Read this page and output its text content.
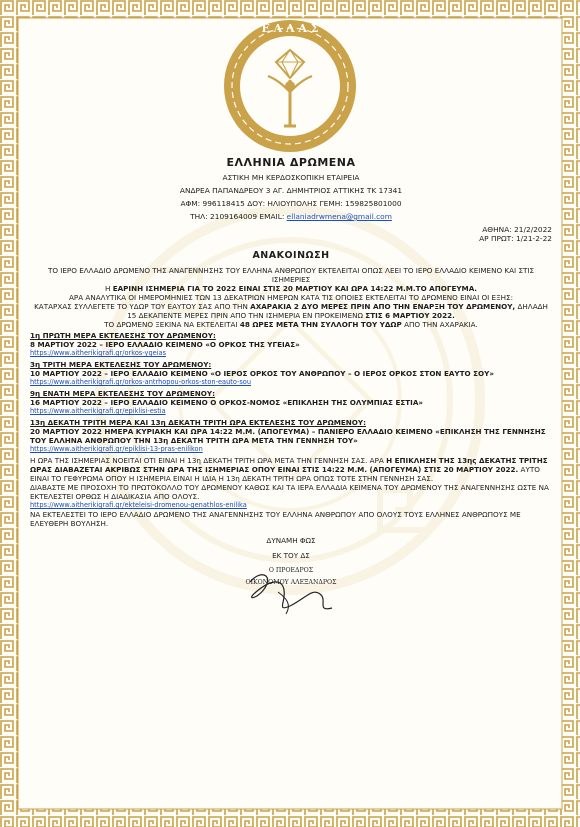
Ε Λ Λ Α Σ
ΕΛΛΗΝΙΑ ΔΡΩΜΕΝΑ
ΑΣΤΙΚΗ ΜΗ ΚΕΡΔΟΣΚΟΠΙΚΗ ΕΤΑΙΡΕΙΑ
ΑΝΔΡΕΑ ΠΑΠΑΝΔΡΕΟΥ 3 ΑΓ. ΔΗΜΗΤΡΙΟΣ ΑΤΤΙΚΗΣ ΤΚ 17341
ΑΦΜ: 996118415 ΔΟΥ: ΗΛΙΟΥΠΟΛΗΣ ΓΕΜΗ: 159825801000
ΤΗΛ: 2109164009 EMAIL: ellaniadrwmena@gmail.com
ΑΘΗΝΑ: 21/2/2022
ΑΡ ΠΡΩΤ: 1/21-2-22
ΑΝΑΚΟΙΝΩΣΗ

ΤΟ ΙΕΡΟ ΕΛΛΑΔΙΟ ΔΡΩΜΕΝΟ ΤΗΣ ΑΝΑΓΕΝΝΗΣΗΣ ΤΟΥ ΕΛΛΗΝΑ ΑΝΘΡΩΠΟΥ ΕΚΤΕΛΕΙΤΑΙ ΟΠΩΣ ΛΕΕΙ ΤΟ ΙΕΡΟ ΕΛΛΑΔΙΟ ΚΕΙΜΕΝΟ ΚΑΙ ΣΤΙΣ ΙΣΗΜΕΡΙΕΣ

Η ΕΑΡΙΝΗ ΙΣΗΜΕΡΙΑ ΓΙΑ ΤΟ 2022 ΕΙΝΑΙ ΣΤΙΣ 20 ΜΑΡΤΙΟΥ ΚΑΙ ΩΡΑ 14:22 Μ.Μ.ΤΟ ΑΠΟΓΕΥΜΑ.

ΑΡΑ ΑΝΑΛΥΤΙΚΑ ΟΙ ΗΜΕΡΟΜΗΝΙΕΣ ΤΩΝ 13 ΔΕΚΑΤΡΙΩΝ ΗΜΕΡΩΝ ΚΑΤΑ ΤΙΣ ΟΠΟΙΕΣ ΕΚΤΕΛΕΙΤΑΙ ΤΟ ΔΡΩΜΕΝΟ ΕΙΝΑΙ ΟΙ ΕΞΗΣ:

ΚΑΤΑΡΧΑΣ ΣΥΛΛΕΓΕΤΕ ΤΟ ΥΔΩΡ ΤΟΥ ΕΑΥΤΟΥ ΣΑΣ ΑΠΟ ΤΗΝ ΑΧΑΡΑΚΙΑ 2 ΔΥΟ ΜΕΡΕΣ ΠΡΙΝ ΑΠΟ ΤΗΝ ΕΝΑΡΞΗ ΤΟΥ ΔΡΩΜΕΝΟΥ, ΔΗΛΑΔΗ 15 ΔΕΚΑΠΕΝΤΕ ΜΕΡΕΣ ΠΡΙΝ ΑΠΟ ΤΗΝ ΙΣΗΜΕΡΙΑ ΕΝ ΠΡΟΚΕΙΜΕΝΩ ΣΤΙΣ 6 ΜΑΡΤΙΟΥ 2022.

ΤΟ ΔΡΩΜΕΝΟ ΞΕΚΙΝΑ ΝΑ ΕΚΤΕΛΕΙΤΑΙ 48 ΩΡΕΣ ΜΕΤΑ ΤΗΝ ΣΥΛΛΟΓΗ ΤΟΥ ΥΔΩΡ ΑΠΟ ΤΗΝ ΑΧΑΡΑΚΙΑ.

1η ΠΡΩΤΗ ΜΕΡΑ ΕΚΤΕΛΕΣΗΣ ΤΟΥ ΔΡΩΜΕΝΟΥ:
8 ΜΑΡΤΙΟΥ 2022 – ΙΕΡΟ ΕΛΛΑΔΙΟ ΚΕΙΜΕΝΟ «Ο ΟΡΚΟΣ ΤΗΣ ΥΓΕΙΑΣ»
https://www.aitherikigrafi.gr/orkos-ygeias
3η ΤΡΙΤΗ ΜΕΡΑ ΕΚΤΕΛΕΣΗΣ ΤΟΥ ΔΡΩΜΕΝΟΥ:
10 ΜΑΡΤΙΟΥ 2022 – ΙΕΡΟ ΕΛΛΑΔΙΟ ΚΕΙΜΕΝΟ «Ο ΙΕΡΟΣ ΟΡΚΟΣ ΤΟΥ ΑΝΘΡΩΠΟΥ – Ο ΙΕΡΟΣ ΟΡΚΟΣ ΣΤΟΝ ΕΑΥΤΟ ΣΟΥ»
https://www.aitherikigrafi.gr/orkos-antrhopou-orkos-ston-eauto-sou
9η ΕΝΑΤΗ ΜΕΡΑ ΕΚΤΕΛΕΣΗΣ ΤΟΥ ΔΡΩΜΕΝΟΥ:
16 ΜΑΡΤΙΟΥ 2022 – ΙΕΡΟ ΕΛΛΑΔΙΟ ΚΕΙΜΕΝΟ Ο ΟΡΚΟΣ-ΝΟΜΟΣ «ΕΠΙΚΛΗΣΗ ΤΗΣ ΟΛΥΜΠΙΑΣ ΕΣΤΙΑ»
https://www.aitherikigrafi.gr/epiklisi-estia
13η ΔΕΚΑΤΗ ΤΡΙΤΗ ΜΕΡΑ ΚΑΙ 13η ΔΕΚΑΤΗ ΤΡΙΤΗ ΩΡΑ ΕΚΤΕΛΕΣΗΣ ΤΟΥ ΔΡΩΜΕΝΟΥ:
20 ΜΑΡΤΙΟΥ 2022 ΗΜΕΡΑ ΚΥΡΙΑΚΗ ΚΑΙ ΩΡΑ 14:22 Μ.Μ. (ΑΠΟΓΕΥΜΑ) – ΠΑΝΙΕΡΟ ΕΛΛΑΔΙΟ ΚΕΙΜΕΝΟ «ΕΠΙΚΛΗΣΗ ΤΗΣ ΓΕΝΝΗΣΗΣ ΤΟΥ ΕΛΛΗΝΑ ΑΝΘΡΩΠΟΥ ΤΗΝ 13η ΔΕΚΑΤΗ ΤΡΙΤΗ ΩΡΑ ΜΕΤΑ ΤΗΝ ΓΕΝΝΗΣΗ ΤΟΥ»
https://www.aitherikigrafi.gr/epiklisi-13-pras-enilikon
Η ΩΡΑ ΤΗΣ ΙΣΗΜΕΡΙΑΣ ΝΟΕΙΤΑΙ ΟΤΙ ΕΙΝΑΙ Η 13η ΔΕΚΑΤΗ ΤΡΙΤΗ ΩΡΑ ΜΕΤΑ ΤΗΝ ΓΕΝΝΗΣΗ ΣΑΣ. ΑΡΑ Η ΕΠΙΚΛΗΣΗ ΤΗΣ 13ης ΔΕΚΑΤΗΣ ΤΡΙΤΗΣ ΩΡΑΣ ΔΙΑΒΑΖΕΤΑΙ ΑΚΡΙΒΩΣ ΣΤΗΝ ΩΡΑ ΤΗΣ ΙΣΗΜΕΡΙΑΣ ΟΠΟΥ ΕΙΝΑΙ ΣΤΙΣ 14:22 Μ.Μ. (ΑΠΟΓΕΥΜΑ) ΣΤΙΣ 20 ΜΑΡΤΙΟΥ 2022. ΑΥΤΟ ΕΙΝΑΙ ΤΟ ΓΕΦΥΡΩΜΑ ΟΠΟΥ Η ΙΣΗΜΕΡΙΑ ΕΙΝΑΙ Η ΙΔΙΑ Η 13η ΔΕΚΑΤΗ ΤΡΙΤΗ ΩΡΑ ΟΠΩΣ ΤΟΤΕ ΣΤΗΝ ΓΕΝΝΗΣΗ ΣΑΣ.
ΔΙΑΒΑΣΤΕ ΜΕ ΠΡΟΣΟΧΗ ΤΟ ΠΡΩΤΟΚΟΛΛΟ ΤΟΥ ΔΡΩΜΕΝΟΥ ΚΑΘΩΣ ΚΑΙ ΤΑ ΙΕΡΑ ΕΛΛΑΔΙΑ ΚΕΙΜΕΝΑ ΤΟΥ ΔΡΩΜΕΝΟΥ ΤΗΣ ΑΝΑΓΕΝΝΗΣΗΣ ΩΣΤΕ ΝΑ ΕΚΤΕΛΕΣΤΕΙ ΟΡΘΩΣ Η ΔΙΑΔΙΚΑΣΙΑ ΑΠΟ ΟΛΟΥΣ.
https://www.aitherikigrafi.gr/ekteleisi-dromenou-genathlos-enilika
ΝΑ ΕΚΤΕΛΕΣΤΕΙ ΤΟ ΙΕΡΟ ΕΛΛΑΔΙΟ ΔΡΩΜΕΝΟ ΤΗΣ ΑΝΑΓΕΝΝΗΣΗΣ ΤΟΥ ΕΛΛΗΝΑ ΑΝΘΡΩΠΟΥ ΑΠΟ ΟΛΟΥΣ ΤΟΥΣ ΕΛΛΗΝΕΣ ΑΝΘΡΩΠΟΥΣ ΜΕ ΕΛΕΥΘΕΡΗ ΒΟΥΛΗΣΗ.
ΔΥΝΑΜΗ ΦΩΣ
ΕΚ ΤΟΥ ΔΣ
Ο ΠΡΟΕΔΡΟΣ
ΟΙΚΟΝΟΜΟΥ ΑΛΕΞΑΝΔΡΟΣ
